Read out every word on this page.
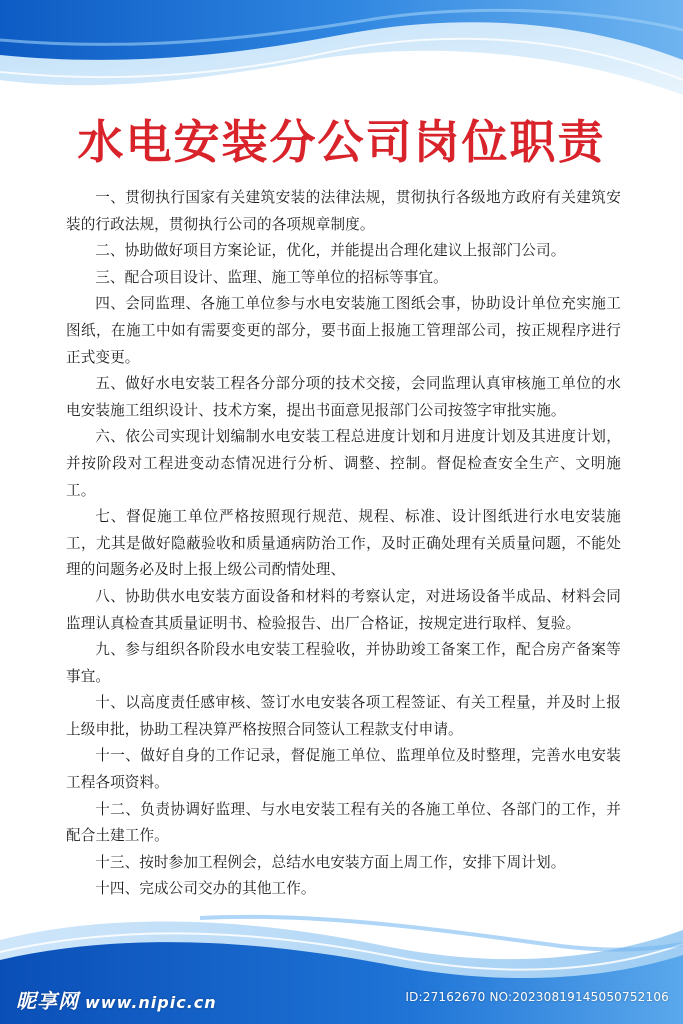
水电安装分公司岗位职责

一、贯彻执行国家有关建筑安装的法律法规，贯彻执行各级地方政府有关建筑安装的行政法规，贯彻执行公司的各项规章制度。

二、协助做好项目方案论证，优化，并能提出合理化建议上报部门公司。

三、配合项目设计、监理、施工等单位的招标等事宜。

四、会同监理、各施工单位参与水电安装施工图纸会事，协助设计单位充实施工图纸，在施工中如有需要变更的部分，要书面上报施工管理部公司，按正规程序进行正式变更。

五、做好水电安装工程各分部分项的技术交接，会同监理认真审核施工单位的水电安装施工组织设计、技术方案，提出书面意见报部门公司按签字审批实施。

六、依公司实现计划编制水电安装工程总进度计划和月进度计划及其进度计划，并按阶段对工程进变动态情况进行分析、调整、控制。督促检查安全生产、文明施工。

七、督促施工单位严格按照现行规范、规程、标准、设计图纸进行水电安装施工，尤其是做好隐蔽验收和质量通病防治工作，及时正确处理有关质量问题，不能处理的问题务必及时上报上级公司酌情处理、

八、协助供水电安装方面设备和材料的考察认定，对进场设备半成品、材料会同监理认真检查其质量证明书、检验报告、出厂合格证，按规定进行取样、复验。

九、参与组织各阶段水电安装工程验收，并协助竣工备案工作，配合房产备案等事宜。

十、以高度责任感审核、签订水电安装各项工程签证、有关工程量，并及时上报上级申批，协助工程决算严格按照合同签认工程款支付申请。

十一、做好自身的工作记录，督促施工单位、监理单位及时整理，完善水电安装工程各项资料。

十二、负责协调好监理、与水电安装工程有关的各施工单位、各部门的工作，并配合土建工作。

十三、按时参加工程例会，总结水电安装方面上周工作，安排下周计划。

十四、完成公司交办的其他工作。

昵享网 www.nipic.cn	ID:27162670 NO:20230819145050752106
